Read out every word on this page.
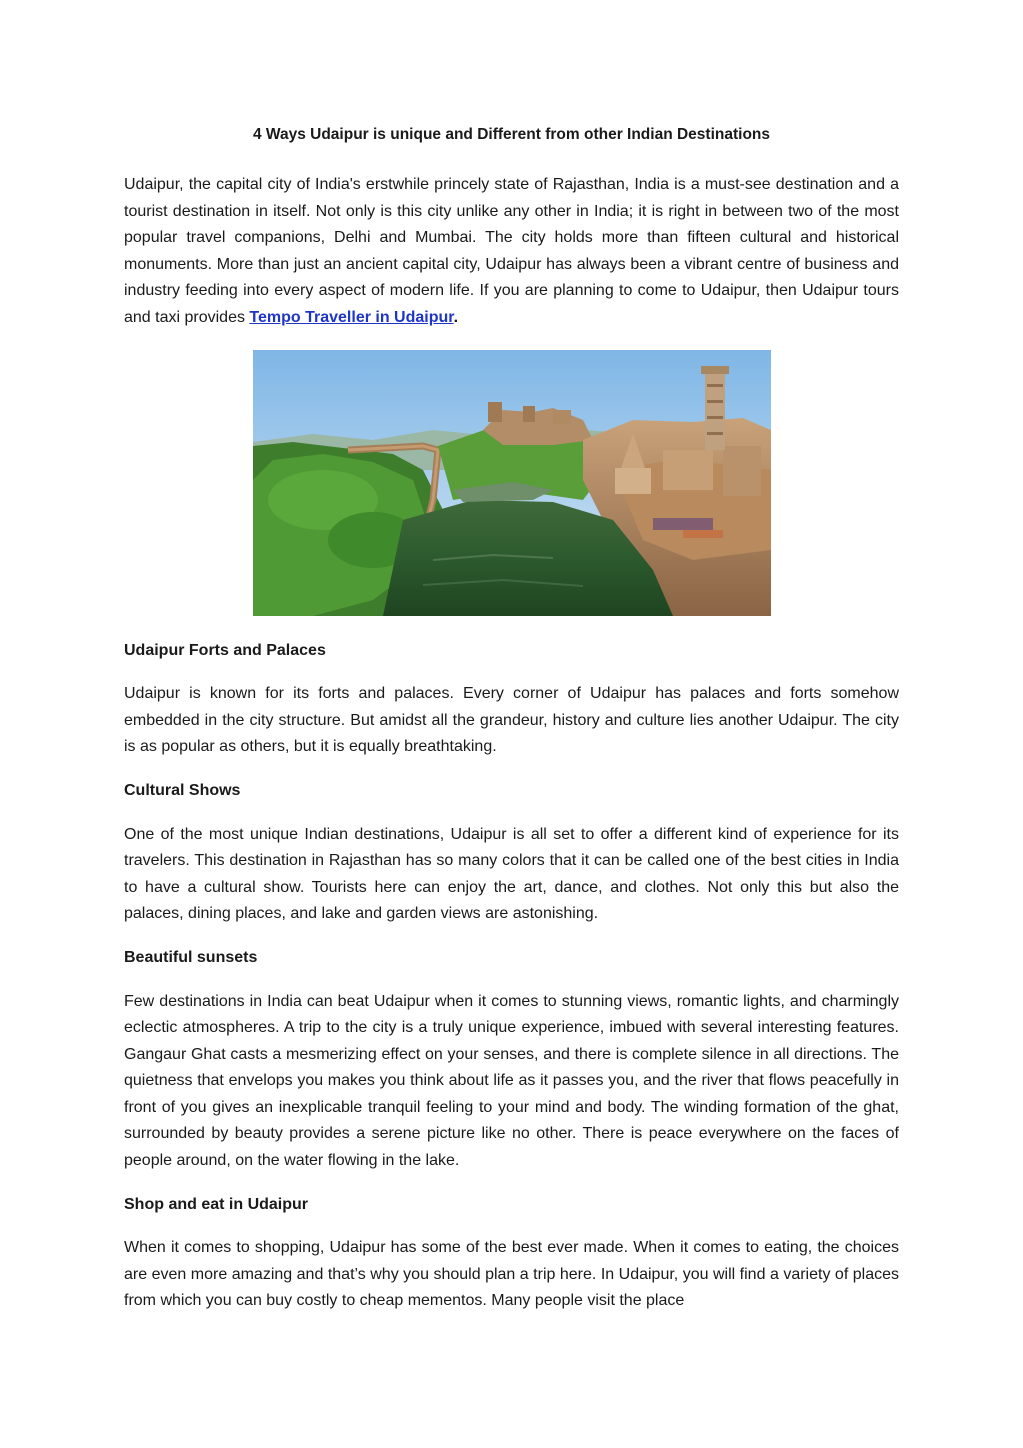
4 Ways Udaipur is unique and Different from other Indian Destinations

Udaipur, the capital city of India's erstwhile princely state of Rajasthan, India is a must-see destination and a tourist destination in itself. Not only is this city unlike any other in India; it is right in between two of the most popular travel companions, Delhi and Mumbai. The city holds more than fifteen cultural and historical monuments. More than just an ancient capital city, Udaipur has always been a vibrant centre of business and industry feeding into every aspect of modern life. If you are planning to come to Udaipur, then Udaipur tours and taxi provides Tempo Traveller in Udaipur.

Udaipur Forts and Palaces

Udaipur is known for its forts and palaces. Every corner of Udaipur has palaces and forts somehow embedded in the city structure. But amidst all the grandeur, history and culture lies another Udaipur. The city is as popular as others, but it is equally breathtaking.

Cultural Shows

One of the most unique Indian destinations, Udaipur is all set to offer a different kind of experience for its travelers. This destination in Rajasthan has so many colors that it can be called one of the best cities in India to have a cultural show. Tourists here can enjoy the art, dance, and clothes. Not only this but also the palaces, dining places, and lake and garden views are astonishing.

Beautiful sunsets

Few destinations in India can beat Udaipur when it comes to stunning views, romantic lights, and charmingly eclectic atmospheres. A trip to the city is a truly unique experience, imbued with several interesting features. Gangaur Ghat casts a mesmerizing effect on your senses, and there is complete silence in all directions. The quietness that envelops you makes you think about life as it passes you, and the river that flows peacefully in front of you gives an inexplicable tranquil feeling to your mind and body. The winding formation of the ghat, surrounded by beauty provides a serene picture like no other. There is peace everywhere on the faces of people around, on the water flowing in the lake.

Shop and eat in Udaipur

When it comes to shopping, Udaipur has some of the best ever made. When it comes to eating, the choices are even more amazing and that’s why you should plan a trip here. In Udaipur, you will find a variety of places from which you can buy costly to cheap mementos. Many people visit the place
